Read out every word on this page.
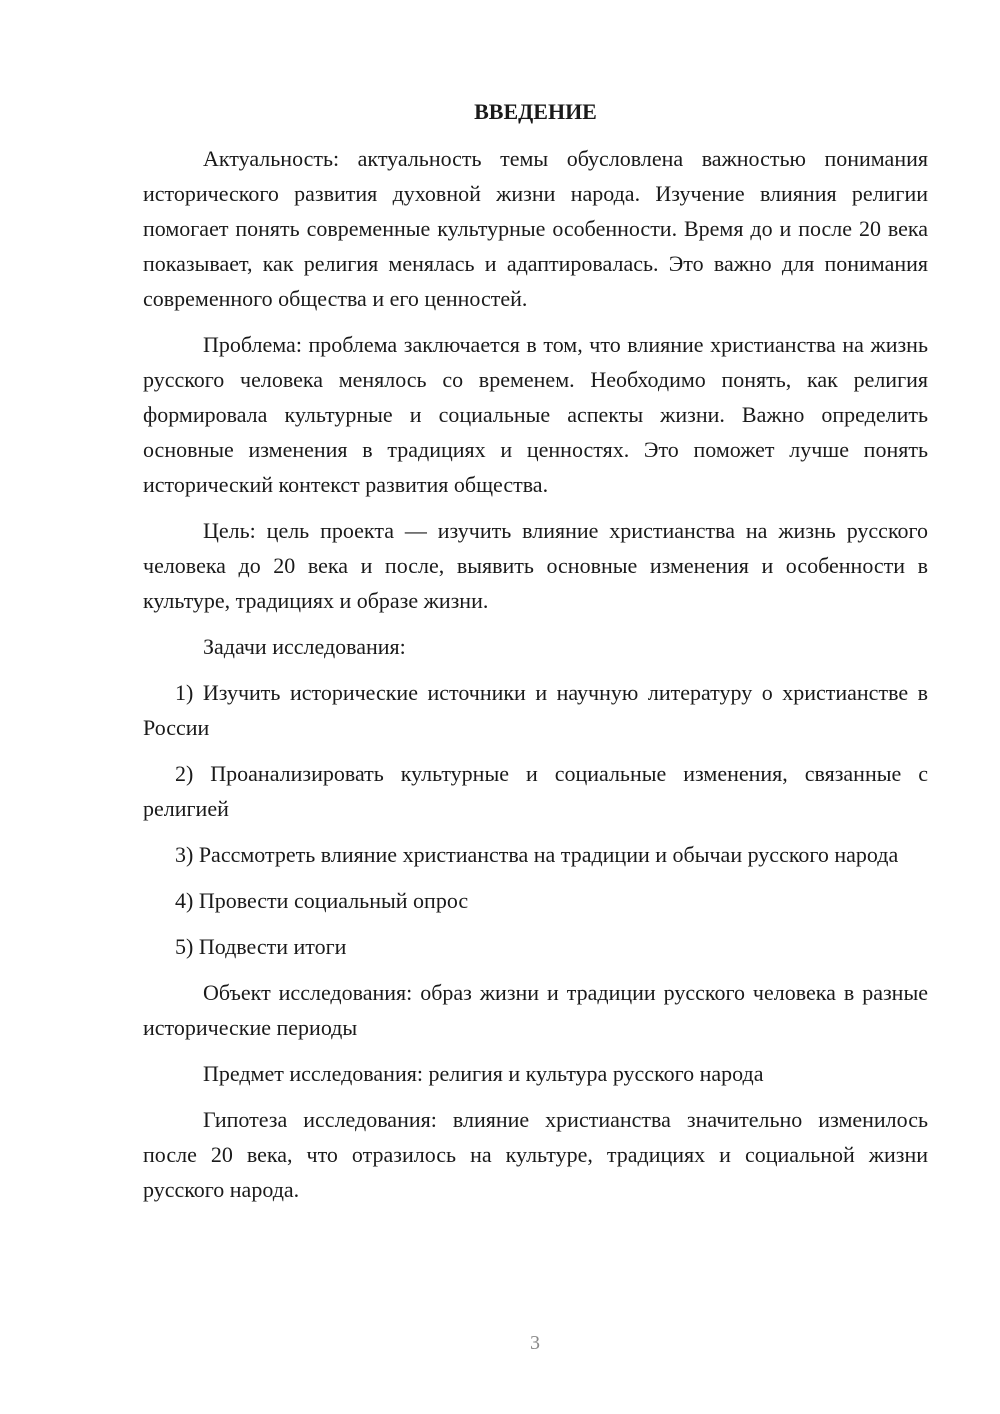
ВВЕДЕНИЕ

Актуальность: актуальность темы обусловлена важностью понимания исторического развития духовной жизни народа. Изучение влияния религии помогает понять современные культурные особенности. Время до и после 20 века показывает, как религия менялась и адаптировалась. Это важно для понимания современного общества и его ценностей.

Проблема: проблема заключается в том, что влияние христианства на жизнь русского человека менялось со временем. Необходимо понять, как религия формировала культурные и социальные аспекты жизни. Важно определить основные изменения в традициях и ценностях. Это поможет лучше понять исторический контекст развития общества.

Цель: цель проекта — изучить влияние христианства на жизнь русского человека до 20 века и после, выявить основные изменения и особенности в культуре, традициях и образе жизни.

Задачи исследования:

1) Изучить исторические источники и научную литературу о христианстве в России

2) Проанализировать культурные и социальные изменения, связанные с религией

3) Рассмотреть влияние христианства на традиции и обычаи русского народа

4) Провести социальный опрос

5) Подвести итоги

Объект исследования: образ жизни и традиции русского человека в разные исторические периоды

Предмет исследования: религия и культура русского народа

Гипотеза исследования: влияние христианства значительно изменилось после 20 века, что отразилось на культуре, традициях и социальной жизни русского народа.

3
